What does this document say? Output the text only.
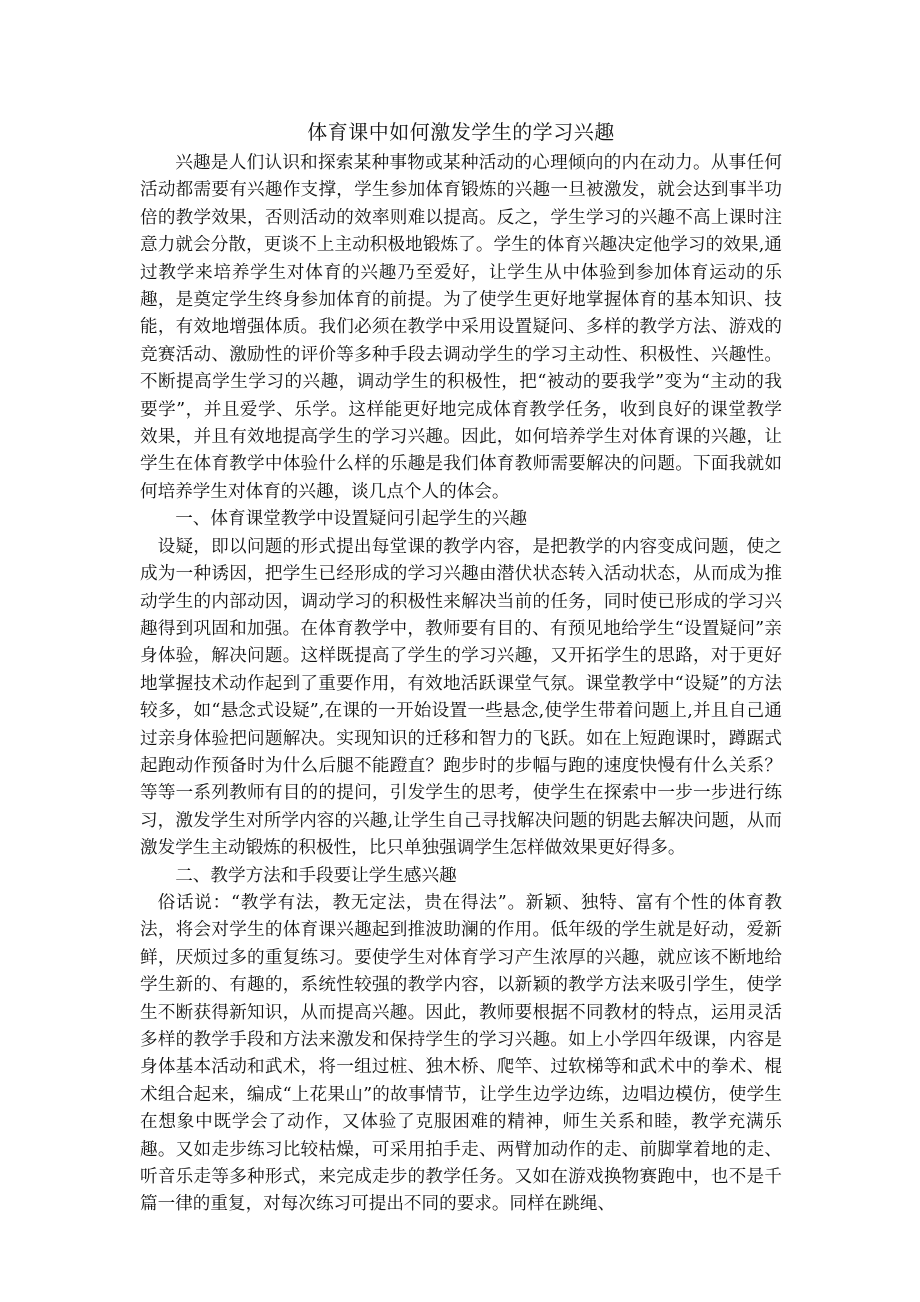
体育课中如何激发学生的学习兴趣

兴趣是人们认识和探索某种事物或某种活动的心理倾向的内在动力。从事任何活动都需要有兴趣作支撑，学生参加体育锻炼的兴趣一旦被激发，就会达到事半功倍的教学效果，否则活动的效率则难以提高。反之，学生学习的兴趣不高上课时注意力就会分散，更谈不上主动积极地锻炼了。学生的体育兴趣决定他学习的效果,通过教学来培养学生对体育的兴趣乃至爱好，让学生从中体验到参加体育运动的乐趣，是奠定学生终身参加体育的前提。为了使学生更好地掌握体育的基本知识、技能，有效地增强体质。我们必须在教学中采用设置疑问、多样的教学方法、游戏的竞赛活动、激励性的评价等多种手段去调动学生的学习主动性、积极性、兴趣性。不断提高学生学习的兴趣，调动学生的积极性，把“被动的要我学”变为“主动的我要学”，并且爱学、乐学。这样能更好地完成体育教学任务，收到良好的课堂教学效果，并且有效地提高学生的学习兴趣。因此，如何培养学生对体育课的兴趣，让学生在体育教学中体验什么样的乐趣是我们体育教师需要解决的问题。下面我就如何培养学生对体育的兴趣，谈几点个人的体会。

一、体育课堂教学中设置疑问引起学生的兴趣

设疑，即以问题的形式提出每堂课的教学内容，是把教学的内容变成问题，使之成为一种诱因，把学生已经形成的学习兴趣由潜伏状态转入活动状态，从而成为推动学生的内部动因，调动学习的积极性来解决当前的任务，同时使已形成的学习兴趣得到巩固和加强。在体育教学中，教师要有目的、有预见地给学生“设置疑问”亲身体验，解决问题。这样既提高了学生的学习兴趣，又开拓学生的思路，对于更好地掌握技术动作起到了重要作用，有效地活跃课堂气氛。课堂教学中“设疑”的方法较多，如“悬念式设疑”,在课的一开始设置一些悬念,使学生带着问题上,并且自己通过亲身体验把问题解决。实现知识的迁移和智力的飞跃。如在上短跑课时，蹲踞式起跑动作预备时为什么后腿不能蹬直？跑步时的步幅与跑的速度快慢有什么关系？等等一系列教师有目的的提问，引发学生的思考，使学生在探索中一步一步进行练习，激发学生对所学内容的兴趣,让学生自己寻找解决问题的钥匙去解决问题，从而激发学生主动锻炼的积极性，比只单独强调学生怎样做效果更好得多。

二、教学方法和手段要让学生感兴趣

俗话说：“教学有法，教无定法，贵在得法”。新颖、独特、富有个性的体育教法，将会对学生的体育课兴趣起到推波助澜的作用。低年级的学生就是好动，爱新鲜，厌烦过多的重复练习。要使学生对体育学习产生浓厚的兴趣，就应该不断地给学生新的、有趣的，系统性较强的教学内容，以新颖的教学方法来吸引学生，使学生不断获得新知识，从而提高兴趣。因此，教师要根据不同教材的特点，运用灵活多样的教学手段和方法来激发和保持学生的学习兴趣。如上小学四年级课，内容是身体基本活动和武术，将一组过桩、独木桥、爬竿、过软梯等和武术中的拳术、棍术组合起来，编成“上花果山”的故事情节，让学生边学边练，边唱边模仿，使学生在想象中既学会了动作，又体验了克服困难的精神，师生关系和睦，教学充满乐趣。又如走步练习比较枯燥，可采用拍手走、两臂加动作的走、前脚掌着地的走、听音乐走等多种形式，来完成走步的教学任务。又如在游戏换物赛跑中，也不是千篇一律的重复，对每次练习可提出不同的要求。同样在跳绳、
